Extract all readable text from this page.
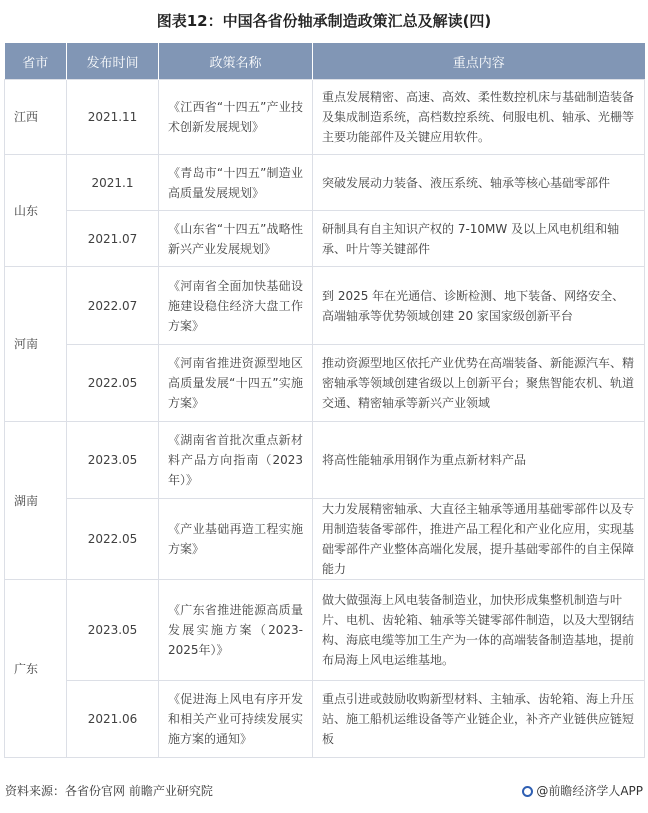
图表12：中国各省份轴承制造政策汇总及解读(四)
省市	发布时间	政策名称	重点内容
江西	2021.11	《江西省“十四五”产业技术创新发展规划》	重点发展精密、高速、高效、柔性数控机床与基础制造装备及集成制造系统，高档数控系统、伺服电机、轴承、光栅等主要功能部件及关键应用软件。
山东	2021.1	《青岛市“十四五”制造业高质量发展规划》	突破发展动力装备、液压系统、轴承等核心基础零部件
	2021.07	《山东省“十四五”战略性新兴产业发展规划》	研制具有自主知识产权的 7-10MW 及以上风电机组和轴承、叶片等关键部件
河南	2022.07	《河南省全面加快基础设施建设稳住经济大盘工作方案》	到 2025 年在光通信、诊断检测、地下装备、网络安全、高端轴承等优势领域创建 20 家国家级创新平台
	2022.05	《河南省推进资源型地区高质量发展“十四五”实施方案》	推动资源型地区依托产业优势在高端装备、新能源汽车、精密轴承等领域创建省级以上创新平台；聚焦智能农机、轨道交通、精密轴承等新兴产业领域
湖南	2023.05	《湖南省首批次重点新材料产品方向指南（2023年）》	将高性能轴承用钢作为重点新材料产品
	2022.05	《产业基础再造工程实施方案》	大力发展精密轴承、大直径主轴承等通用基础零部件以及专用制造装备零部件，推进产品工程化和产业化应用，实现基础零部件产业整体高端化发展，提升基础零部件的自主保障能力
广东	2023.05	《广东省推进能源高质量发展实施方案（2023-2025年）》	做大做强海上风电装备制造业，加快形成集整机制造与叶片、电机、齿轮箱、轴承等关键零部件制造，以及大型钢结构、海底电缆等加工生产为一体的高端装备制造基地，提前布局海上风电运维基地。
	2021.06	《促进海上风电有序开发和相关产业可持续发展实施方案的通知》	重点引进或鼓励收购新型材料、主轴承、齿轮箱、海上升压站、施工船机运维设备等产业链企业，补齐产业链供应链短板
资料来源：各省份官网 前瞻产业研究院	@前瞻经济学人APP
